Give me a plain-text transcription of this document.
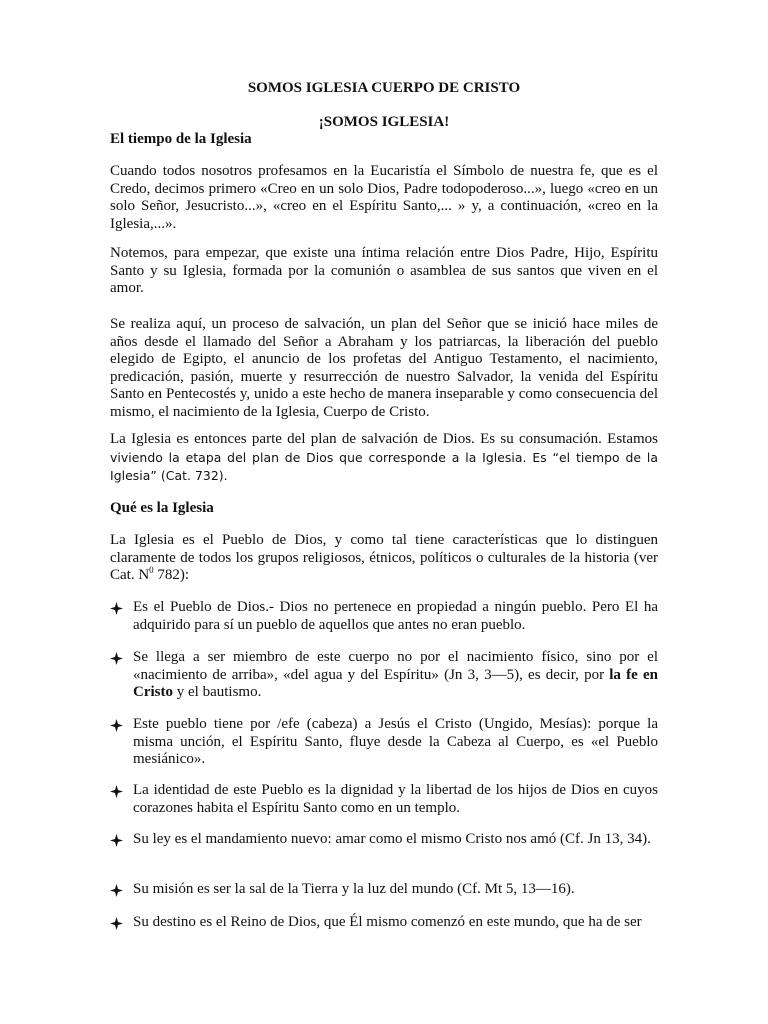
SOMOS IGLESIA CUERPO DE CRISTO
¡SOMOS IGLESIA!
El tiempo de la Iglesia

Cuando todos nosotros profesamos en la Eucaristía el Símbolo de nuestra fe, que es el Credo, decimos primero «Creo en un solo Dios, Padre todopoderoso...», luego «creo en un solo Señor, Jesucristo...», «creo en el Espíritu Santo,... » y, a continuación, «creo en la Iglesia,...».

Notemos, para empezar, que existe una íntima relación entre Dios Padre, Hijo, Espíritu Santo y su Iglesia, formada por la comunión o asamblea de sus santos que viven en el amor.

Se realiza aquí, un proceso de salvación, un plan del Señor que se inició hace miles de años desde el llamado del Señor a Abraham y los patriarcas, la liberación del pueblo elegido de Egipto, el anuncio de los profetas del Antiguo Testamento, el nacimiento, predicación, pasión, muerte y resurrección de nuestro Salvador, la venida del Espíritu Santo en Pentecostés y, unido a este hecho de manera inseparable y como consecuencia del mismo, el nacimiento de la Iglesia, Cuerpo de Cristo.

La Iglesia es entonces parte del plan de salvación de Dios. Es su consumación. Estamos viviendo la etapa del plan de Dios que corresponde a la Iglesia. Es “el tiempo de la Iglesia” (Cat. 732).

Qué es la Iglesia

La Iglesia es el Pueblo de Dios, y como tal tiene características que lo distinguen claramente de todos los grupos religiosos, étnicos, políticos o culturales de la historia (ver Cat. $N^0$ 782):

Es el Pueblo de Dios.- Dios no pertenece en propiedad a ningún pueblo. Pero El ha adquirido para sí un pueblo de aquellos que antes no eran pueblo.
Se llega a ser miembro de este cuerpo no por el nacimiento físico, sino por el «nacimiento de arriba», «del agua y del Espíritu» (Jn 3, 3—5), es decir, por la fe en Cristo y el bautismo.
Este pueblo tiene por /efe (cabeza) a Jesús el Cristo (Ungido, Mesías): porque la misma unción, el Espíritu Santo, fluye desde la Cabeza al Cuerpo, es «el Pueblo mesiánico».
La identidad de este Pueblo es la dignidad y la libertad de los hijos de Dios en cuyos corazones habita el Espíritu Santo como en un templo.
Su ley es el mandamiento nuevo: amar como el mismo Cristo nos amó (Cf. Jn 13, 34).
Su misión es ser la sal de la Tierra y la luz del mundo (Cf. Mt 5, 13—16).
Su destino es el Reino de Dios, que Él mismo comenzó en este mundo, que ha de ser
